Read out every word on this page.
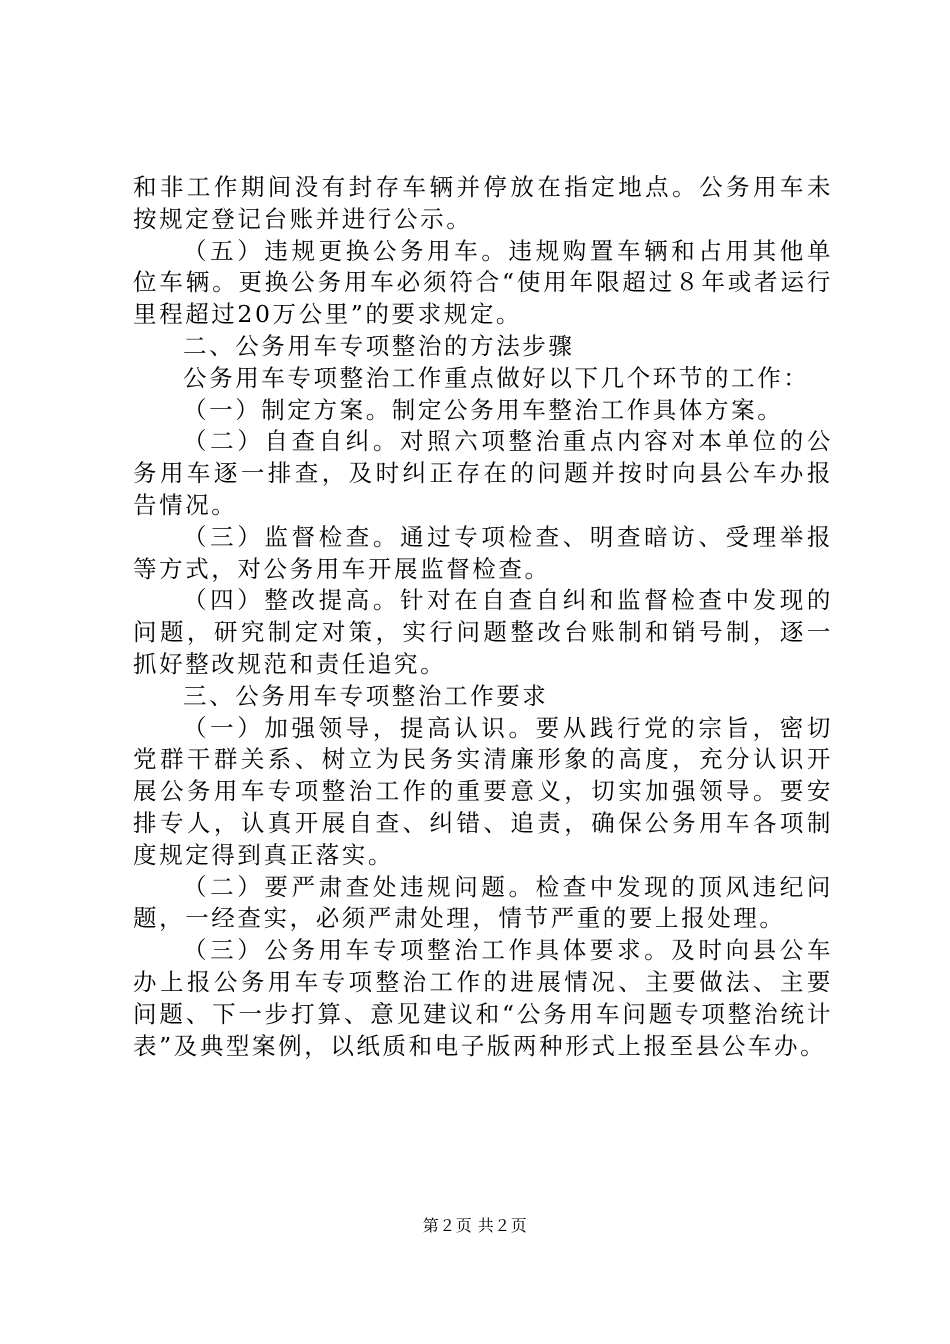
和非工作期间没有封存车辆并停放在指定地点。公务用车未按规定登记台账并进行公示。

（五）违规更换公务用车。违规购置车辆和占用其他单位车辆。更换公务用车必须符合“使用年限超过８年或者运行里程超过20万公里”的要求规定。

二、公务用车专项整治的方法步骤

公务用车专项整治工作重点做好以下几个环节的工作：

（一）制定方案。制定公务用车整治工作具体方案。

（二）自查自纠。对照六项整治重点内容对本单位的公务用车逐一排查，及时纠正存在的问题并按时向县公车办报告情况。

（三）监督检查。通过专项检查、明查暗访、受理举报等方式，对公务用车开展监督检查。

（四）整改提高。针对在自查自纠和监督检查中发现的问题，研究制定对策，实行问题整改台账制和销号制，逐一抓好整改规范和责任追究。

三、公务用车专项整治工作要求

（一）加强领导，提高认识。要从践行党的宗旨，密切党群干群关系、树立为民务实清廉形象的高度，充分认识开展公务用车专项整治工作的重要意义，切实加强领导。要安排专人，认真开展自查、纠错、追责，确保公务用车各项制度规定得到真正落实。

（二）要严肃查处违规问题。检查中发现的顶风违纪问题，一经查实，必须严肃处理，情节严重的要上报处理。

（三）公务用车专项整治工作具体要求。及时向县公车办上报公务用车专项整治工作的进展情况、主要做法、主要问题、下一步打算、意见建议和“公务用车问题专项整治统计表”及典型案例，以纸质和电子版两种形式上报至县公车办。

第２页 共２页
